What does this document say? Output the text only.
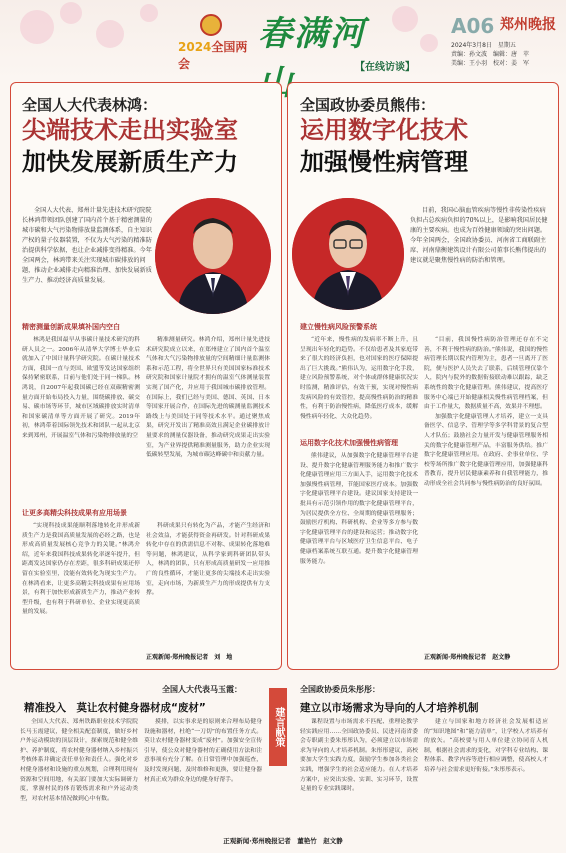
2024全国两会
春满河
【在线访谈】
A06 郑州晚报
2024年3月8日　星期五
责编：孙文波　编辑：唐　苹
美编：王小羽　校对：姜　军
全国人大代表林鸿：
尖端技术走出实验室
加快发展新质生产力

全国人大代表、郑州计量先进技术研究院院长林鸿带领团队创建了国内首个基于精密测量的城市碳和大气污染物排放量监测体系，自主知识产权的量子仪器装置，不仅为大气污染的精准防治提供科学依据，也让企业减排变得精准。今年全国两会，林鸿带来关注实现城市碳排放的问题，推动企业减排走向精准治理、加快发展新质生产力、推动经济高质量发展。

精密测量创新成果填补国内空白

林鸿是我国最早从事碳计量技术研究的科研人员之一。2006年从清华大学博士毕业后就加入了中国计量科学研究院。在碳计量技术方面，我国一直与美国、欧盟等发达国家组织保持紧密联系，目前与他们处于同一梯队。林鸿说，自2007年起我国碳已经在双碳精密测量方面开始布局投入力量，围绕碳排放、碳交易、碳市场等环节，城市区域碳排放实时清单和国家碳清单等方面开展了研究。2019年初，林鸿带着国际领先技术和团队一起从北京来到郑州，开展温室气体和污染物排放量的空

精准测量研究。林鸿介绍，郑州计量先进技术研究院成立以来，在郑州建立了国内首个温室气体和大气污染物排放量的空间精细计量监测体系和示范工程，将全世界只有美国国家标准技术研究院和国家计量院才拥有的温室气体测量装置实现了国产化，并应用于我国城市碳排放管理。在国际上，我们已经与美国、德国、英国、日本等国家开展合作，在国际先进的碳测量监测技术路线上与美国处于同等技术水平。通过聚焦成果，研究开发出了精准高效且满足企业碳排放计量要求的测量仪器设备，推动研究成果走出实验室，为产业界提供精准测量服务，助力企业实现低碳转型发展，为城市碳达峰碳中和贡献力量。

让更多高精尖科技成果有应用场景

“实现科技成果能顺利落地转化并形成新质生产力是我国高质量发展的必经之路，也是形成高质量发展核心竞争力的关键。”林鸿介绍，近年来我国科技成果转化率逐年提升，但距离发达国家仍存在差距，很多科研成果还停留在实验室里，没能有效转化为现实生产力。在林鸿看来，让更多高精尖科技成果有应用场景，有利于加快形成新质生产力，推动产业转型升级，也有利于科研单位、企业实现更高质量的发展。

科研成果只有转化为产品，才能产生经济和社会效益，才能获得资金再研发。针对科研成果转化中存在的供需信息不对称、成果转化落地难等问题，林鸿建议，从科学家到科研团队带头人，林鸿的团队，只有形成高质量研发一应用推广的良性循环，才能让更多的尖端技术走出实验室，走向市场，为新质生产力的形成提供有力支撑。

正观新闻·郑州晚报记者　刘　地
全国政协委员熊伟：
运用数字化技术
加强慢性病管理

目前，我国心脑血管疾病等慢性非传染性疾病负担占总疾病负担的70%以上，是影响我国居民健康的主要疾病。也成为百姓健康领域的突出问题。今年全国两会，全国政协委员、河南省工商联副主席、河南鼎衡建筑设计有限公司董事长熊伟提出的建议就是聚焦慢性病的防治和管理。

建立慢性病风险预警系统

“近年来，慢性病的发病率不断上升，且呈现出年轻化的趋势。不仅给患者及其家庭带来了很大的经济负担，也对国家的医疗保障提出了巨大挑战。”熊伟认为，运用数字化手段，建立风险预警系统，对个体或群体健康状况实时监测，精准评估，有效干预，实现对慢性病发病风险的有效管控，提高慢性病防治的精准性，有利于防治慢性病，降低医疗成本，缓解慢性病年轻化、大众化趋势。

“目前，我国慢性病防治管理还存在不完善，不利于慢性病的防治。”熊伟说，我国的慢性病管理长期以院内管理为主，患者一旦离开了医院，便与医护人员失去了联系，后续管理仅靠个人，院内与院外的数据衔接联动难以跟踪，缺乏系统性的数字化健康管理。熊伟建议，提高医疗服务中心端已开始健康相关慢性病管理档案，但由于工作量大，数据质量不高，效果并不理想。

加强数字化健康管理人才培养，建立一支具备医学、信息学、管理学等多学科背景的复合型人才队伍；鼓励社会力量开发与健康管理服务相关的数字化健康管理产品，丰富服务供给。推广数字化健康管理应用。在政府、企事业单位、学校等场所推广数字化健康管理应用，加强健康科普教育，提升居民健康素养和自我管理能力，推动形成全社会共同参与慢性病防治的良好氛围。

运用数字化技术加强慢性病管理

熊伟建议，从加强数字化健康管理平台建设、提升数字化健康管理服务能力和推广数字化健康管理应用三方面入手，运用数字化技术加强慢性病管理，节能国家医疗成本。加强数字化健康管理平台建设。建议国家支持建设一批具有示范引领作用的数字化健康管理平台，为居民提供全方位、全周期的健康管理服务；鼓励医疗机构、科研机构、企业等多方参与数字化健康管理平台的建设和运营；推动数字化健康管理平台与区域医疗卫生信息平台、电子健康档案系统互联互通。提升数字化健康管理服务能力。

正观新闻·郑州晚报记者　赵文静
全国人大代表马玉霞：
精准投入　莫让农村健身器材成“废材”

全国人大代表、郑州铁路职业技术学院院长马玉霞建议，健全相关配套制度，做好乡村户外运动模块的顶层设计，探索规范和健全维护、养护制度，将农村健身器材纳入乡村振兴考核体系并确定责任单位和责任人。强化对乡村健身器材和设施的重点规划，合理利用现有资源和空间用地，有关部门要加大实际调研力度，掌握村民的体育锻炼需求和户外运动类型，对农村基本情况做到心中有数。

摸排，以实事求是的原则来合理布局健身设施和器材，杜绝“一刀切”的布置任务方式。莫让农村健身器材变成“废材”。加强安全宣传引导，使公众对健身器材的正确使用方法和注意事项有充分了解。在日常管理中加强巡查，及时发现问题，及时维修和更换，要让健身器材真正成为群众身边的健身好帮手。

建言献策
全国政协委员朱彤彤：
建立以市场需求为导向的人才培养机制

课程设置与市场需求不匹配、重理论教学轻实践应用……全国政协委员、民进河南省委会专职副主委朱彤彤认为，必须建立以市场需求为导向的人才培养机制。朱彤彤建议，高校要加大学生实践力度，鼓励学生参加各类社会实践，增强学生的社会适应能力。在人才培养方案中，应突出实验、实训、实习环节，设置足量的专业实践课时。

建立与国家和地方经济社会发展相适应的“知识地图”和“能力清单”，让学校人才培养有的放矢。“高校要与用人单位建立协同育人机制，根据社会需求的变化，对学科专业结构、课程体系、教学内容等进行相应调整，使高校人才培养与社会需求更好衔接。”朱彤彤表示。

正观新闻·郑州晚报记者　董艳竹　赵文静
